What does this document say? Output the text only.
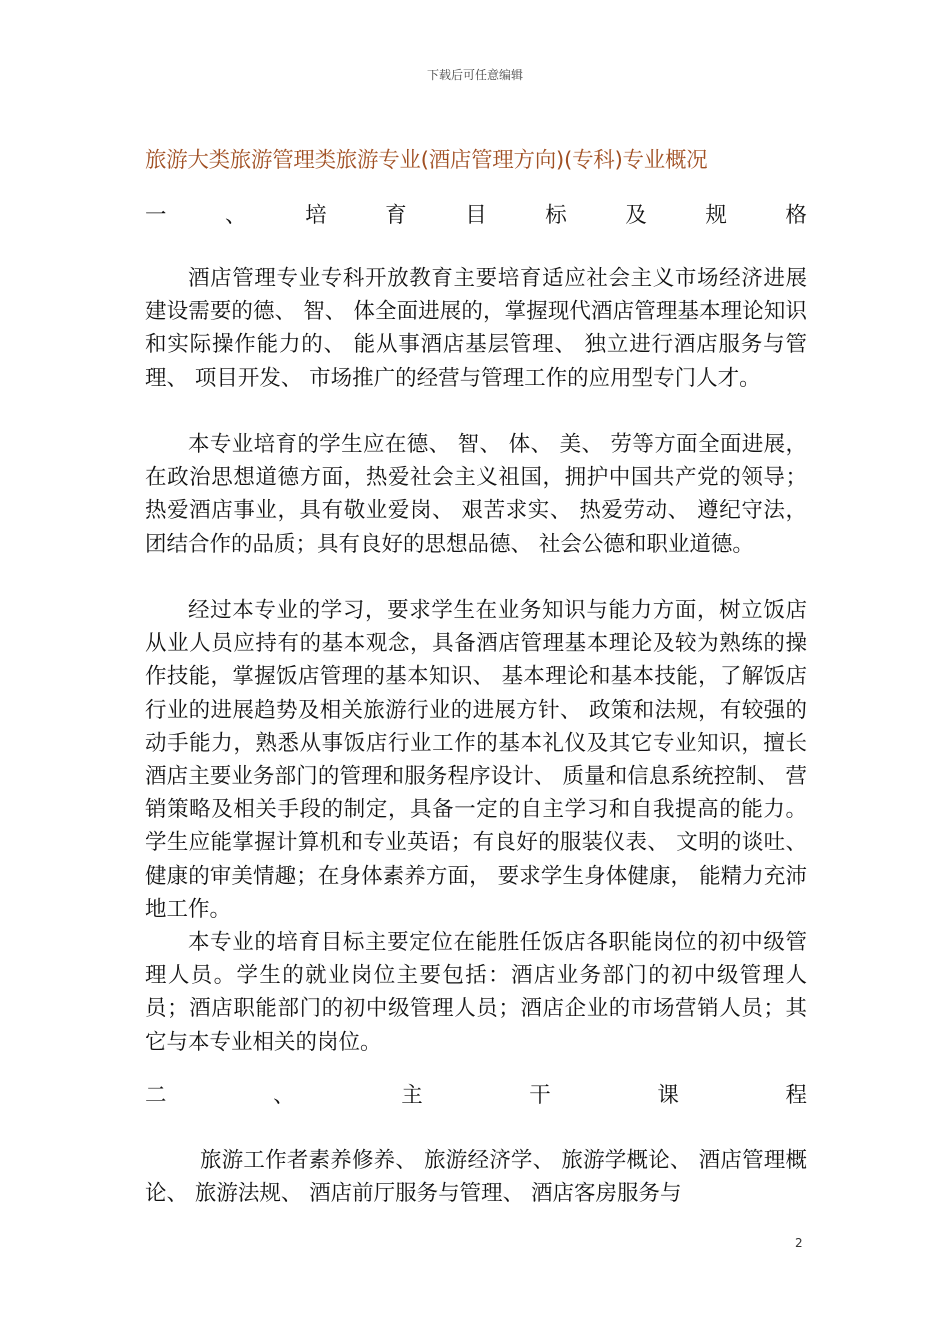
下载后可任意编辑
旅游大类旅游管理类旅游专业(酒店管理方向)(专科)专业概况
一	、	培	育	目	标	及	规	格

酒店管理专业专科开放教育主要培育适应社会主义市场经济进展建设需要的德、 智、 体全面进展的，掌握现代酒店管理基本理论知识和实际操作能力的、 能从事酒店基层管理、 独立进行酒店服务与管理、 项目开发、 市场推广的经营与管理工作的应用型专门人才。

本专业培育的学生应在德、 智、 体、 美、 劳等方面全面进展，在政治思想道德方面，热爱社会主义祖国，拥护中国共产党的领导；热爱酒店事业，具有敬业爱岗、 艰苦求实、 热爱劳动、 遵纪守法，团结合作的品质；具有良好的思想品德、 社会公德和职业道德。

经过本专业的学习，要求学生在业务知识与能力方面，树立饭店从业人员应持有的基本观念，具备酒店管理基本理论及较为熟练的操作技能，掌握饭店管理的基本知识、 基本理论和基本技能，了解饭店行业的进展趋势及相关旅游行业的进展方针、 政策和法规，有较强的动手能力，熟悉从事饭店行业工作的基本礼仪及其它专业知识，擅长酒店主要业务部门的管理和服务程序设计、 质量和信息系统控制、 营销策略及相关手段的制定，具备一定的自主学习和自我提高的能力。学生应能掌握计算机和专业英语；有良好的服装仪表、 文明的谈吐、 健康的审美情趣；在身体素养方面， 要求学生身体健康， 能精力充沛地工作。

本专业的培育目标主要定位在能胜任饭店各职能岗位的初中级管理人员。学生的就业岗位主要包括：酒店业务部门的初中级管理人员；酒店职能部门的初中级管理人员；酒店企业的市场营销人员；其它与本专业相关的岗位。

二	、	主	干	课	程

旅游工作者素养修养、 旅游经济学、 旅游学概论、 酒店管理概论、 旅游法规、 酒店前厅服务与管理、 酒店客房服务与

2
